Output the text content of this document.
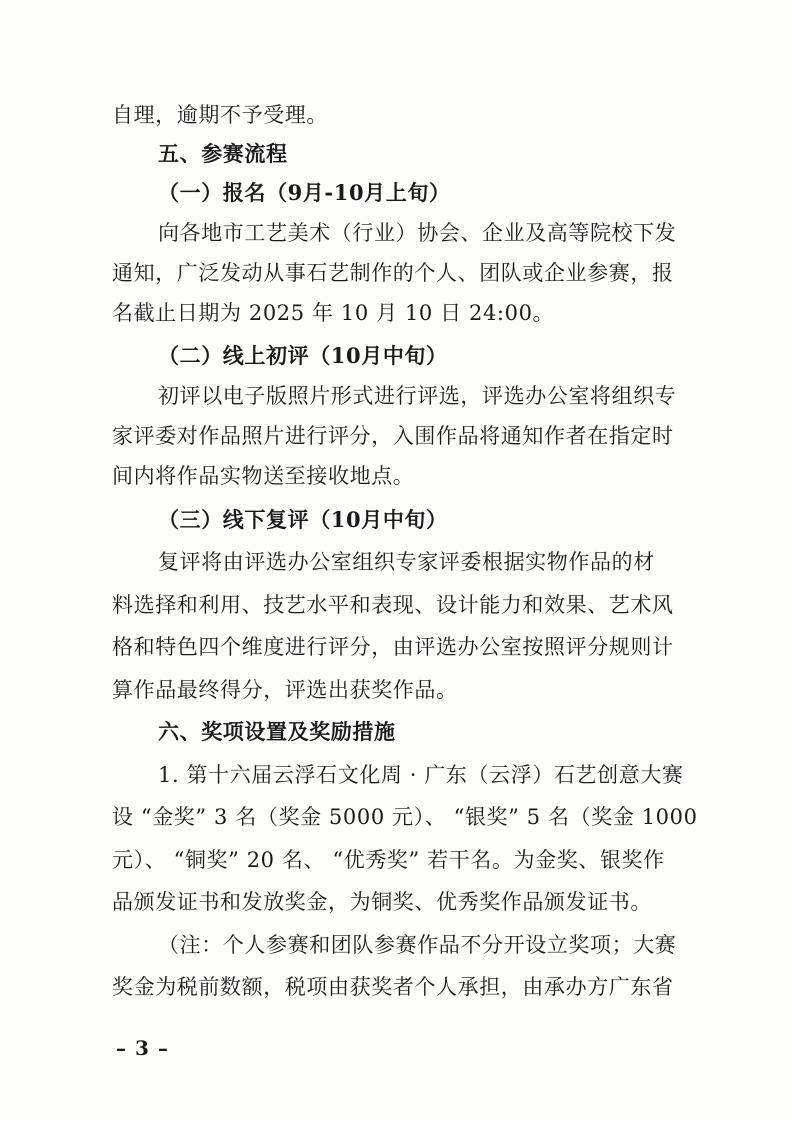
自理，逾期不予受理。
五、参赛流程
（一）报名（9月-10月上旬）
向各地市工艺美术（行业）协会、企业及高等院校下发
通知，广泛发动从事石艺制作的个人、团队或企业参赛，报
名截止日期为 2025 年 10 月 10 日 24:00。
（二）线上初评（10月中旬）
初评以电子版照片形式进行评选，评选办公室将组织专
家评委对作品照片进行评分，入围作品将通知作者在指定时
间内将作品实物送至接收地点。
（三）线下复评（10月中旬）
复评将由评选办公室组织专家评委根据实物作品的材
料选择和利用、技艺水平和表现、设计能力和效果、艺术风
格和特色四个维度进行评分，由评选办公室按照评分规则计
算作品最终得分，评选出获奖作品。
六、奖项设置及奖励措施
1. 第十六届云浮石文化周 · 广东（云浮）石艺创意大赛
设 “金奖” 3 名（奖金 5000 元）、 “银奖” 5 名（奖金 1000
元）、 “铜奖” 20 名、 “优秀奖” 若干名。为金奖、银奖作
品颁发证书和发放奖金，为铜奖、优秀奖作品颁发证书。
（注：个人参赛和团队参赛作品不分开设立奖项；大赛
奖金为税前数额，税项由获奖者个人承担，由承办方广东省
– 3 –
